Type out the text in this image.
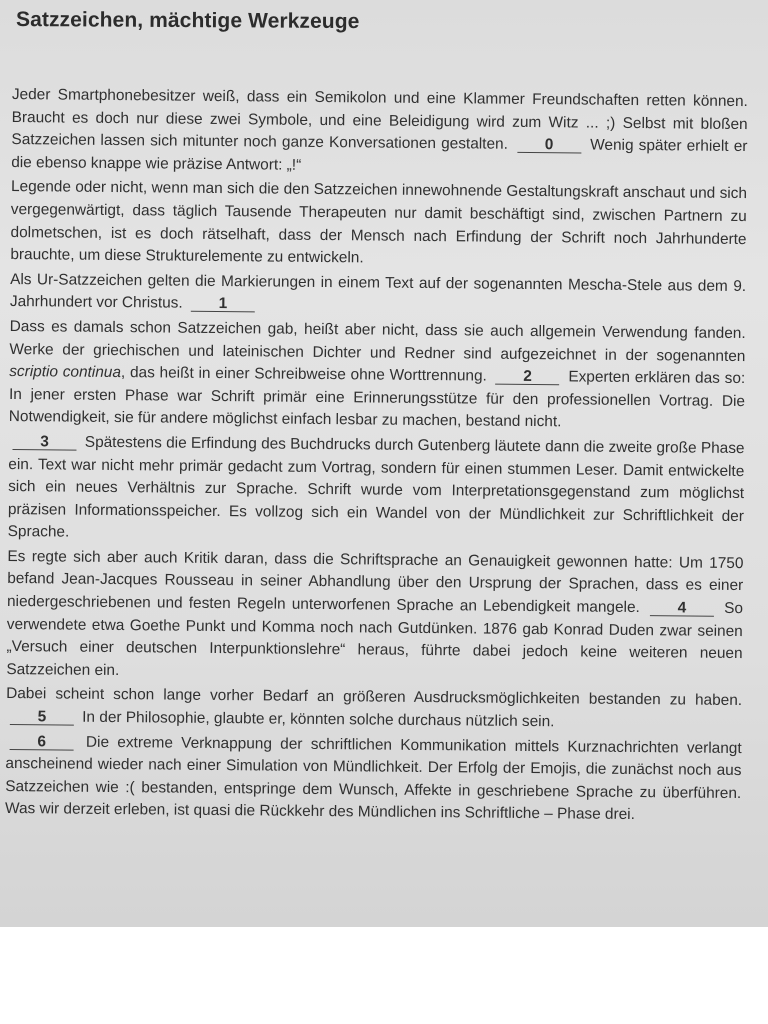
Satzzeichen, mächtige Werkzeuge

Jeder Smartphonebesitzer weiß, dass ein Semikolon und eine Klammer Freundschaften retten können. Braucht es doch nur diese zwei Symbole, und eine Beleidigung wird zum Witz ... ;) Selbst mit bloßen Satzzeichen lassen sich mitunter noch ganze Konversationen gestalten. 0 Wenig später erhielt er die ebenso knappe wie präzise Antwort: „!“

Legende oder nicht, wenn man sich die den Satzzeichen innewohnende Gestaltungskraft anschaut und sich vergegenwärtigt, dass täglich Tausende Therapeuten nur damit beschäftigt sind, zwischen Partnern zu dolmetschen, ist es doch rätselhaft, dass der Mensch nach Erfindung der Schrift noch Jahrhunderte brauchte, um diese Strukturelemente zu entwickeln.

Als Ur-Satzzeichen gelten die Markierungen in einem Text auf der sogenannten Mescha-Stele aus dem 9. Jahrhundert vor Christus. 1

Dass es damals schon Satzzeichen gab, heißt aber nicht, dass sie auch allgemein Verwendung fanden. Werke der griechischen und lateinischen Dichter und Redner sind aufgezeichnet in der sogenannten scriptio continua, das heißt in einer Schreibweise ohne Worttrennung. 2 Experten erklären das so: In jener ersten Phase war Schrift primär eine Erinnerungsstütze für den professionellen Vortrag. Die Notwendigkeit, sie für andere möglichst einfach lesbar zu machen, bestand nicht.

3 Spätestens die Erfindung des Buchdrucks durch Gutenberg läutete dann die zweite große Phase ein. Text war nicht mehr primär gedacht zum Vortrag, sondern für einen stummen Leser. Damit entwickelte sich ein neues Verhältnis zur Sprache. Schrift wurde vom Interpretationsgegenstand zum möglichst präzisen Informationsspeicher. Es vollzog sich ein Wandel von der Mündlichkeit zur Schriftlichkeit der Sprache.

Es regte sich aber auch Kritik daran, dass die Schriftsprache an Genauigkeit gewonnen hatte: Um 1750 befand Jean-Jacques Rousseau in seiner Abhandlung über den Ursprung der Sprachen, dass es einer niedergeschriebenen und festen Regeln unterworfenen Sprache an Lebendigkeit mangele. 4 So verwendete etwa Goethe Punkt und Komma noch nach Gutdünken. 1876 gab Konrad Duden zwar seinen „Versuch einer deutschen Interpunktionslehre“ heraus, führte dabei jedoch keine weiteren neuen Satzzeichen ein.

Dabei scheint schon lange vorher Bedarf an größeren Ausdrucksmöglichkeiten bestanden zu haben. 5 In der Philosophie, glaubte er, könnten solche durchaus nützlich sein.

6 Die extreme Verknappung der schriftlichen Kommunikation mittels Kurznachrichten verlangt anscheinend wieder nach einer Simulation von Mündlichkeit. Der Erfolg der Emojis, die zunächst noch aus Satzzeichen wie :( bestanden, entspringe dem Wunsch, Affekte in geschriebene Sprache zu überführen. Was wir derzeit erleben, ist quasi die Rückkehr des Mündlichen ins Schriftliche – Phase drei.
